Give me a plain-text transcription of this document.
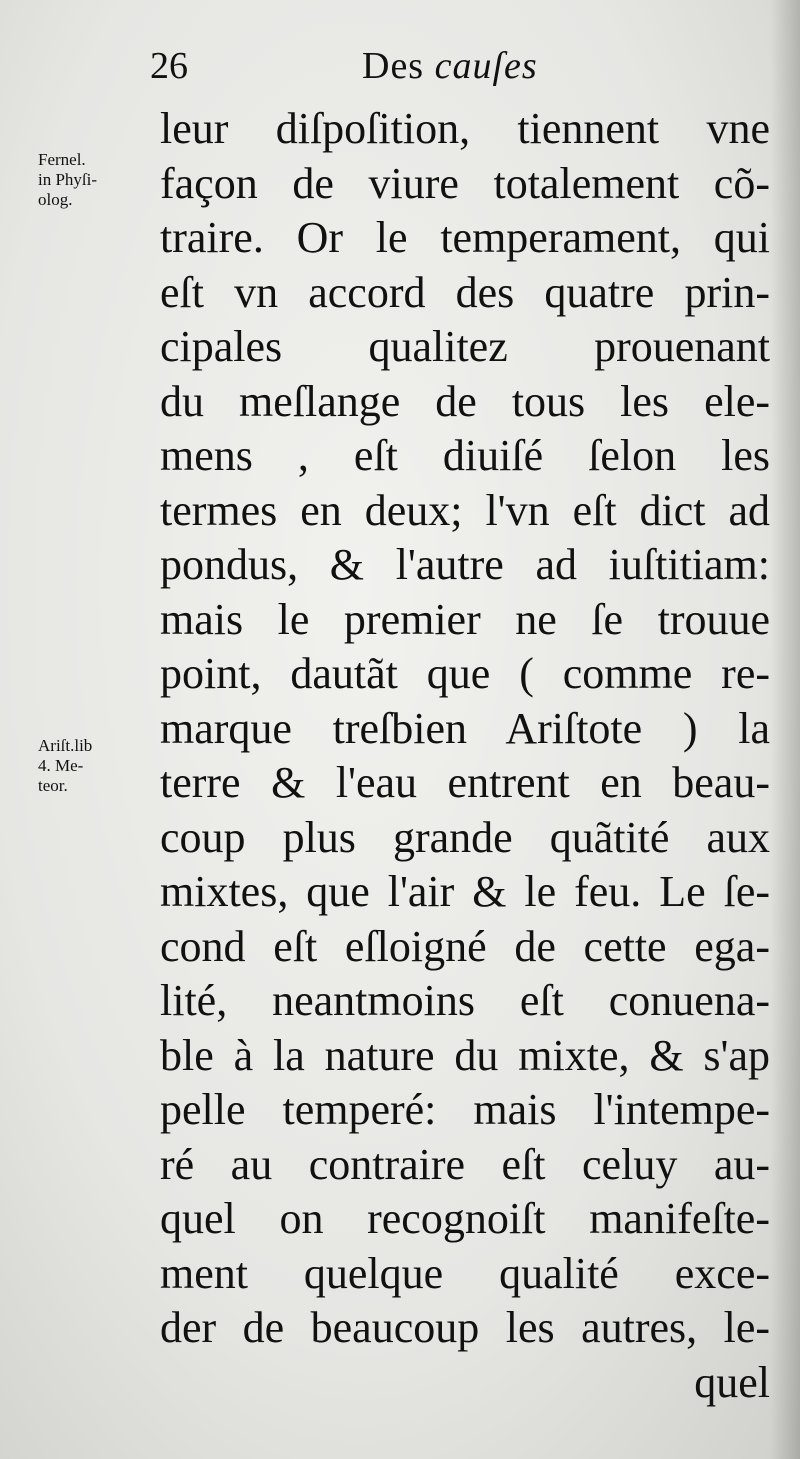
26	Des cauſes
Fernel.
in Phyſi-
olog.
Ariſt.lib
4. Me-
teor.
leur diſpoſition, tiennent vne
façon de viure totalement cõ-
traire. Or le temperament, qui
eſt vn accord des quatre prin-
cipales qualitez prouenant
du meſlange de tous les ele-
mens , eſt diuiſé ſelon les
termes en deux; l'vn eſt dict ad
pondus, & l'autre ad iuſtitiam:
mais le premier ne ſe trouue
point, dautãt que ( comme re-
marque treſbien Ariſtote ) la
terre & l'eau entrent en beau-
coup plus grande quãtité aux
mixtes, que l'air & le feu. Le ſe-
cond eſt eſloigné de cette ega-
lité, neantmoins eſt conuena-
ble à la nature du mixte, & s'ap
pelle temperé: mais l'intempe-
ré au contraire eſt celuy au-
quel on recognoiſt manifeſte-
ment quelque qualité exce-
der de beaucoup les autres, le-
quel
